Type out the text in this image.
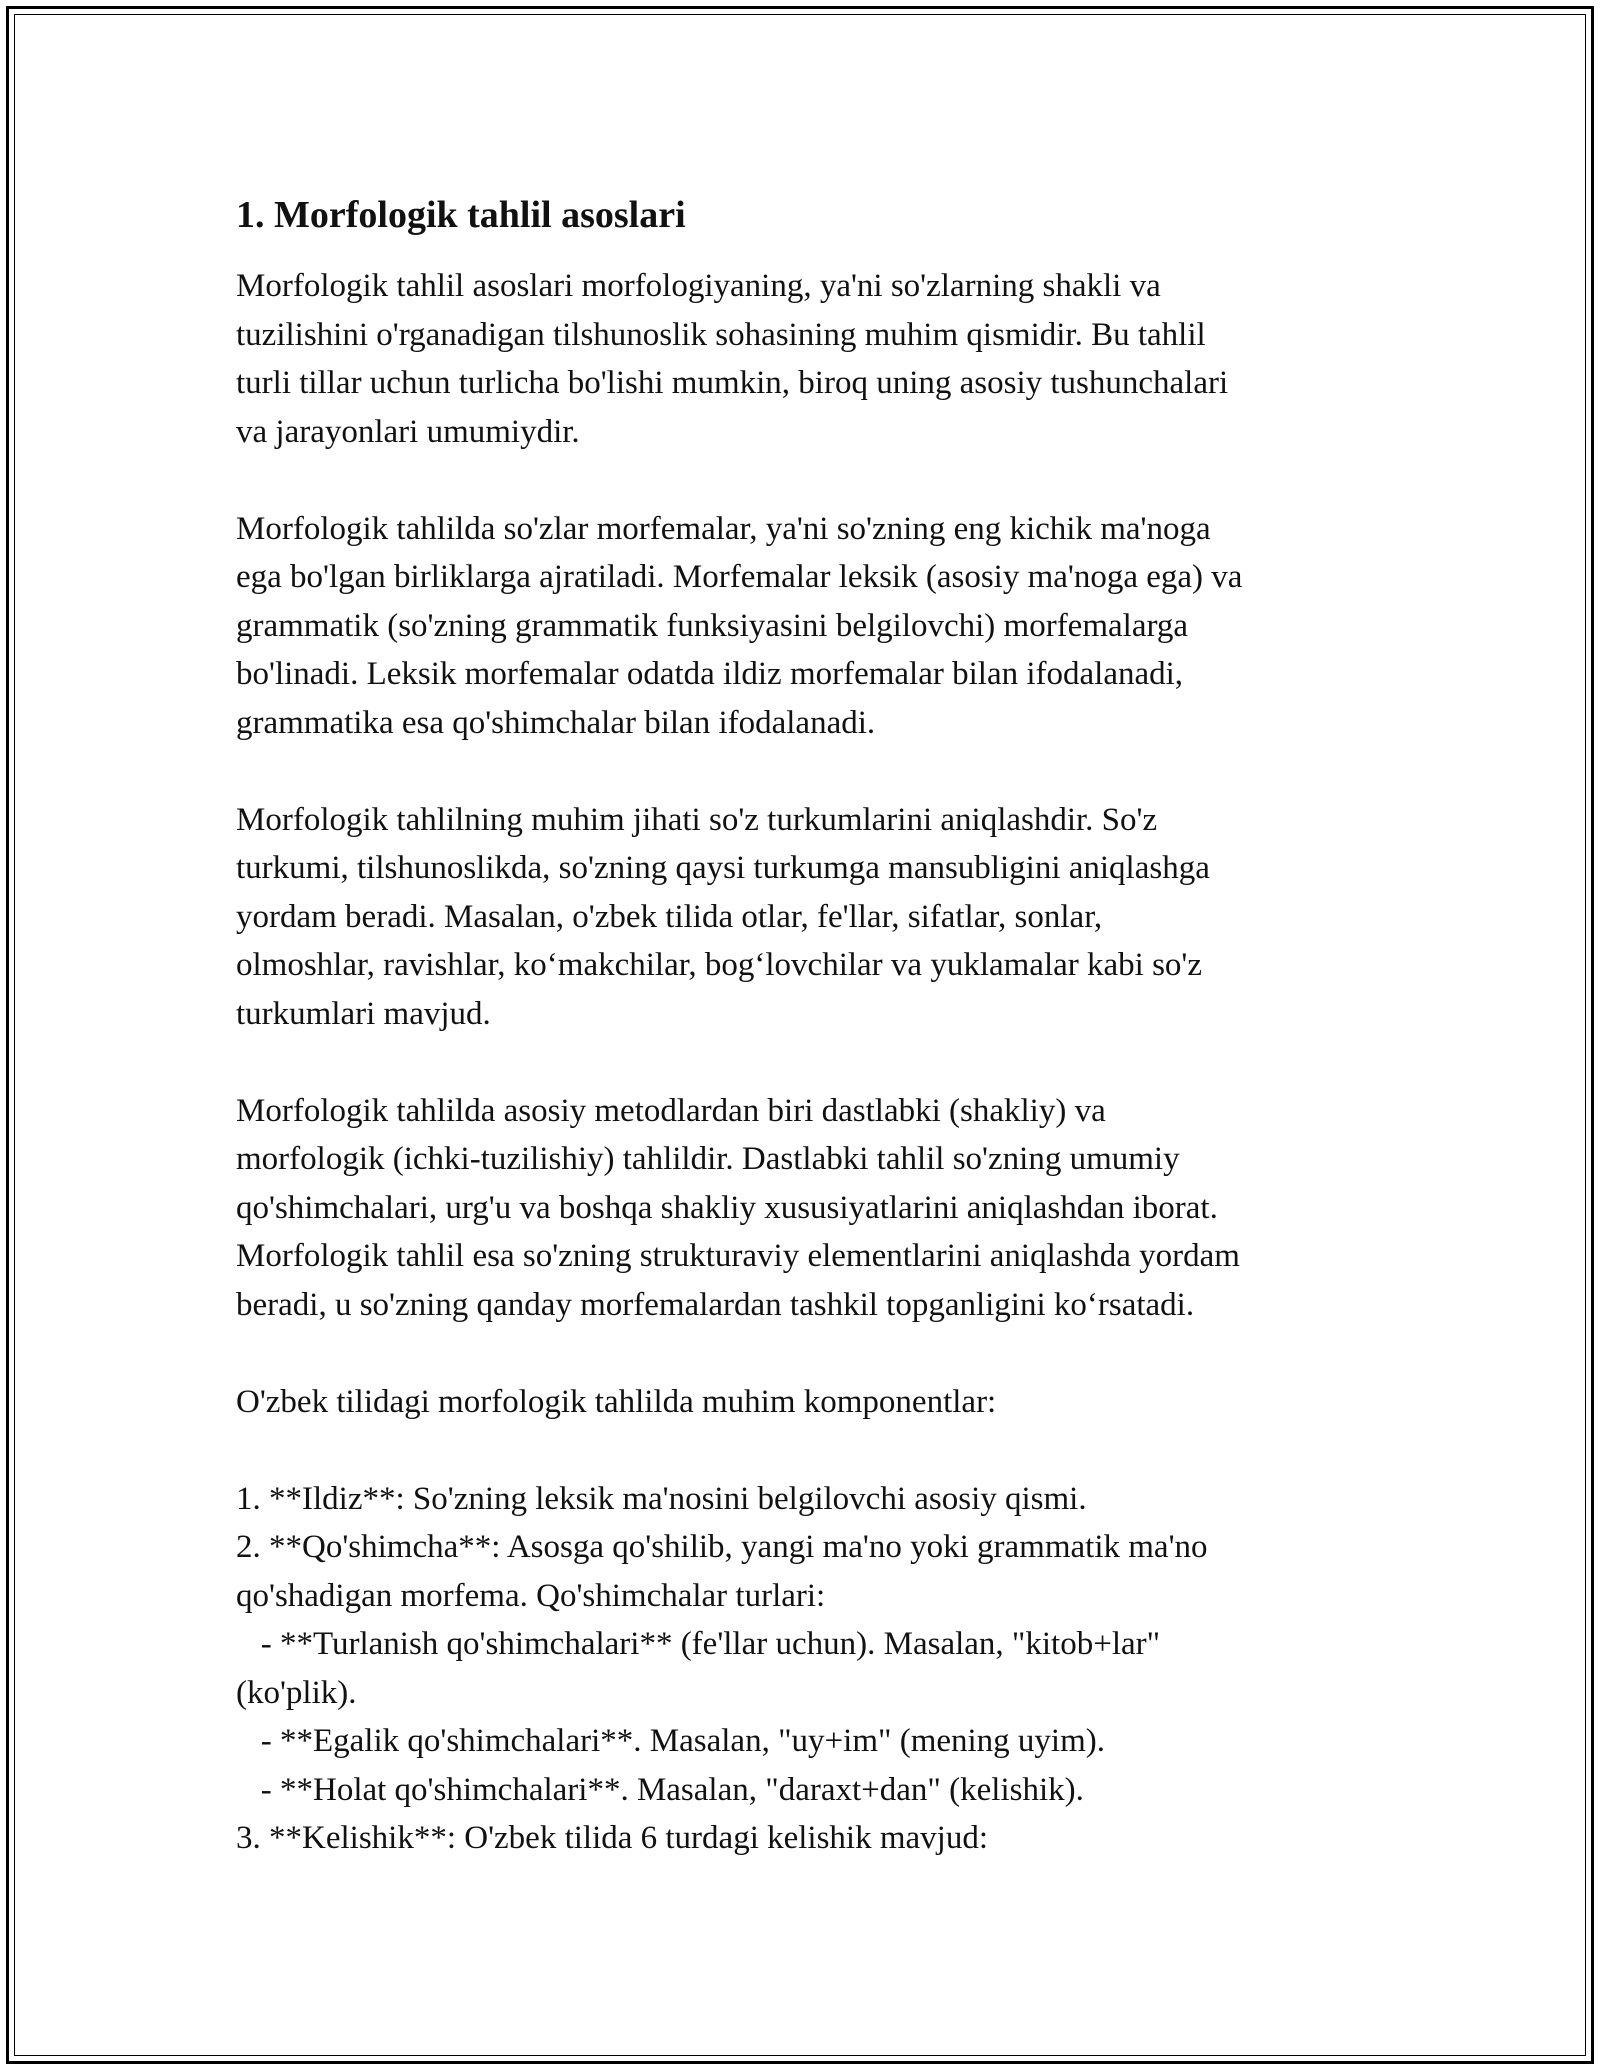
1. Morfologik tahlil asoslari

Morfologik tahlil asoslari morfologiyaning, ya'ni so'zlarning shakli va
tuzilishini o'rganadigan tilshunoslik sohasining muhim qismidir. Bu tahlil
turli tillar uchun turlicha bo'lishi mumkin, biroq uning asosiy tushunchalari
va jarayonlari umumiydir.

Morfologik tahlilda so'zlar morfemalar, ya'ni so'zning eng kichik ma'noga
ega bo'lgan birliklarga ajratiladi. Morfemalar leksik (asosiy ma'noga ega) va
grammatik (so'zning grammatik funksiyasini belgilovchi) morfemalarga
bo'linadi. Leksik morfemalar odatda ildiz morfemalar bilan ifodalanadi,
grammatika esa qo'shimchalar bilan ifodalanadi.

Morfologik tahlilning muhim jihati so'z turkumlarini aniqlashdir. So'z
turkumi, tilshunoslikda, so'zning qaysi turkumga mansubligini aniqlashga
yordam beradi. Masalan, o'zbek tilida otlar, fe'llar, sifatlar, sonlar,
olmoshlar, ravishlar, ko‘makchilar, bog‘lovchilar va yuklamalar kabi so'z
turkumlari mavjud.

Morfologik tahlilda asosiy metodlardan biri dastlabki (shakliy) va
morfologik (ichki-tuzilishiy) tahlildir. Dastlabki tahlil so'zning umumiy
qo'shimchalari, urg'u va boshqa shakliy xususiyatlarini aniqlashdan iborat.
Morfologik tahlil esa so'zning strukturaviy elementlarini aniqlashda yordam
beradi, u so'zning qanday morfemalardan tashkil topganligini ko‘rsatadi.

O'zbek tilidagi morfologik tahlilda muhim komponentlar:

1. **Ildiz**: So'zning leksik ma'nosini belgilovchi asosiy qismi.

2. **Qo'shimcha**: Asosga qo'shilib, yangi ma'no yoki grammatik ma'no

qo'shadigan morfema. Qo'shimchalar turlari:

- **Turlanish qo'shimchalari** (fe'llar uchun). Masalan, "kitob+lar"

(ko'plik).

- **Egalik qo'shimchalari**. Masalan, "uy+im" (mening uyim).

- **Holat qo'shimchalari**. Masalan, "daraxt+dan" (kelishik).

3. **Kelishik**: O'zbek tilida 6 turdagi kelishik mavjud:
